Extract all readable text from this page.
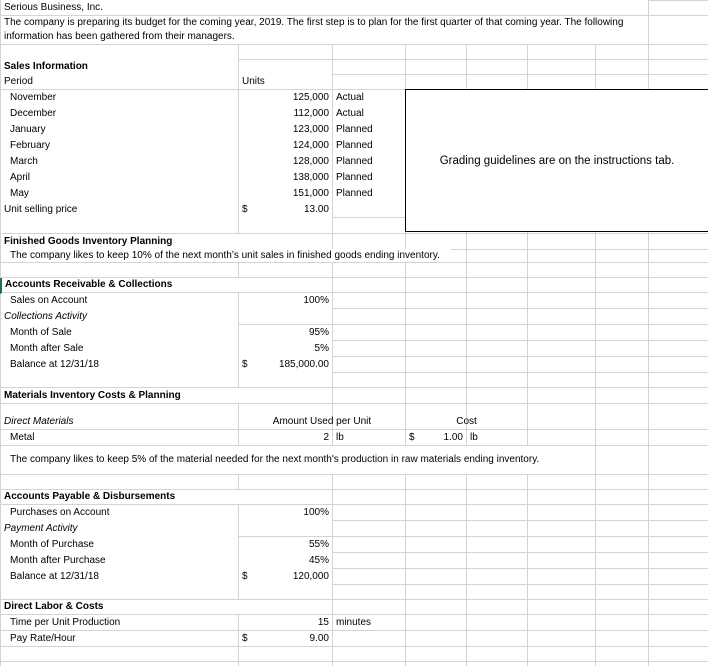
Serious Business, Inc.
The company is preparing its budget for the coming year, 2019. The first step is to plan for the first quarter of that coming year. The following
information has been gathered from their managers.
Sales Information
Period	Units
November	125,000 Actual
December	112,000 Actual
January	123,000 Planned
February	124,000 Planned
March	128,000 Planned
April	138,000 Planned
May	151,000 Planned
Unit selling price	$	13.00
Grading guidelines are on the instructions tab.
Finished Goods Inventory Planning
The company likes to keep 10% of the next month’s unit sales in finished goods ending inventory.
Accounts Receivable & Collections
Sales on Account	100%
Collections Activity
Month of Sale	95%
Month after Sale	5%
Balance at 12/31/18	$	185,000.00
Materials Inventory Costs & Planning
Direct Materials	Amount Used per Unit	Cost
Metal	2 lb	$	1.00 lb
The company likes to keep 5% of the material needed for the next month's production in raw materials ending inventory.
Accounts Payable & Disbursements
Purchases on Account	100%
Payment Activity
Month of Purchase	55%
Month after Purchase	45%
Balance at 12/31/18	$	120,000
Direct Labor & Costs
Time per Unit Production	15 minutes
Pay Rate/Hour	$	9.00
